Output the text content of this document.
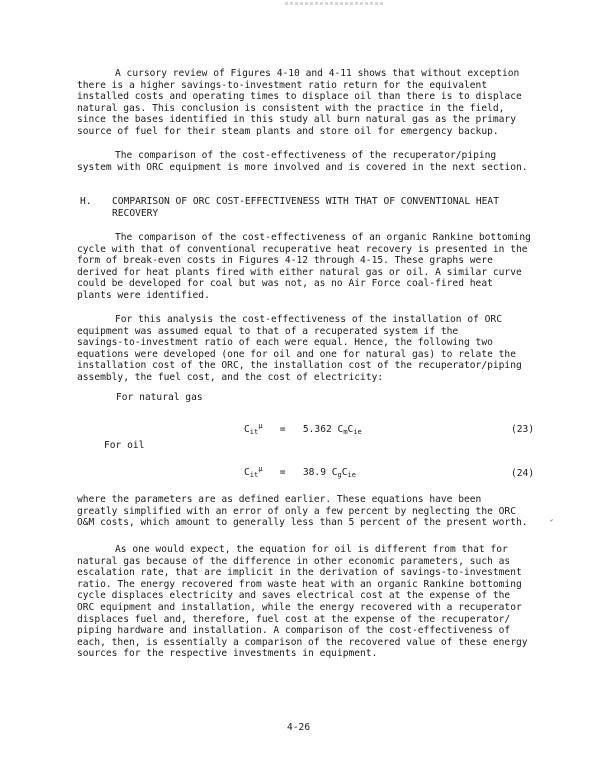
A cursory review of Figures 4-10 and 4-11 shows that without exception
there is a higher savings-to-investment ratio return for the equivalent
installed costs and operating times to displace oil than there is to displace
natural gas. This conclusion is consistent with the practice in the field,
since the bases identified in this study all burn natural gas as the primary
source of fuel for their steam plants and store oil for emergency backup.
The comparison of the cost-effectiveness of the recuperator/piping
system with ORC equipment is more involved and is covered in the next section.
H. COMPARISON OF ORC COST-EFFECTIVENESS WITH THAT OF CONVENTIONAL HEAT
RECOVERY
The comparison of the cost-effectiveness of an organic Rankine bottoming
cycle with that of conventional recuperative heat recovery is presented in the
form of break-even costs in Figures 4-12 through 4-15. These graphs were
derived for heat plants fired with either natural gas or oil. A similar curve
could be developed for coal but was not, as no Air Force coal-fired heat
plants were identified.
For this analysis the cost-effectiveness of the installation of ORC
equipment was assumed equal to that of a recuperated system if the
savings-to-investment ratio of each were equal. Hence, the following two
equations were developed (one for oil and one for natural gas) to relate the
installation cost of the ORC, the installation cost of the recuperator/piping
assembly, the fuel cost, and the cost of electricity:
For natural gas
$C_{it}^\mu = 5.362$ $C_mC_{ie}$	(23)
For oil
$C_{it}^\mu = 38.9$ $C_gC_{ie}$	(24)
where the parameters are as defined earlier. These equations have been
greatly simplified with an error of only a few percent by neglecting the ORC
O&M costs, which amount to generally less than 5 percent of the present worth.
As one would expect, the equation for oil is different from that for
natural gas because of the difference in other economic parameters, such as
escalation rate, that are implicit in the derivation of savings-to-investment
ratio. The energy recovered from waste heat with an organic Rankine bottoming
cycle displaces electricity and saves electrical cost at the expense of the
ORC equipment and installation, while the energy recovered with a recuperator
displaces fuel and, therefore, fuel cost at the expense of the recuperator/
piping hardware and installation. A comparison of the cost-effectiveness of
each, then, is essentially a comparison of the recovered value of these energy
sources for the respective investments in equipment.
4-26
